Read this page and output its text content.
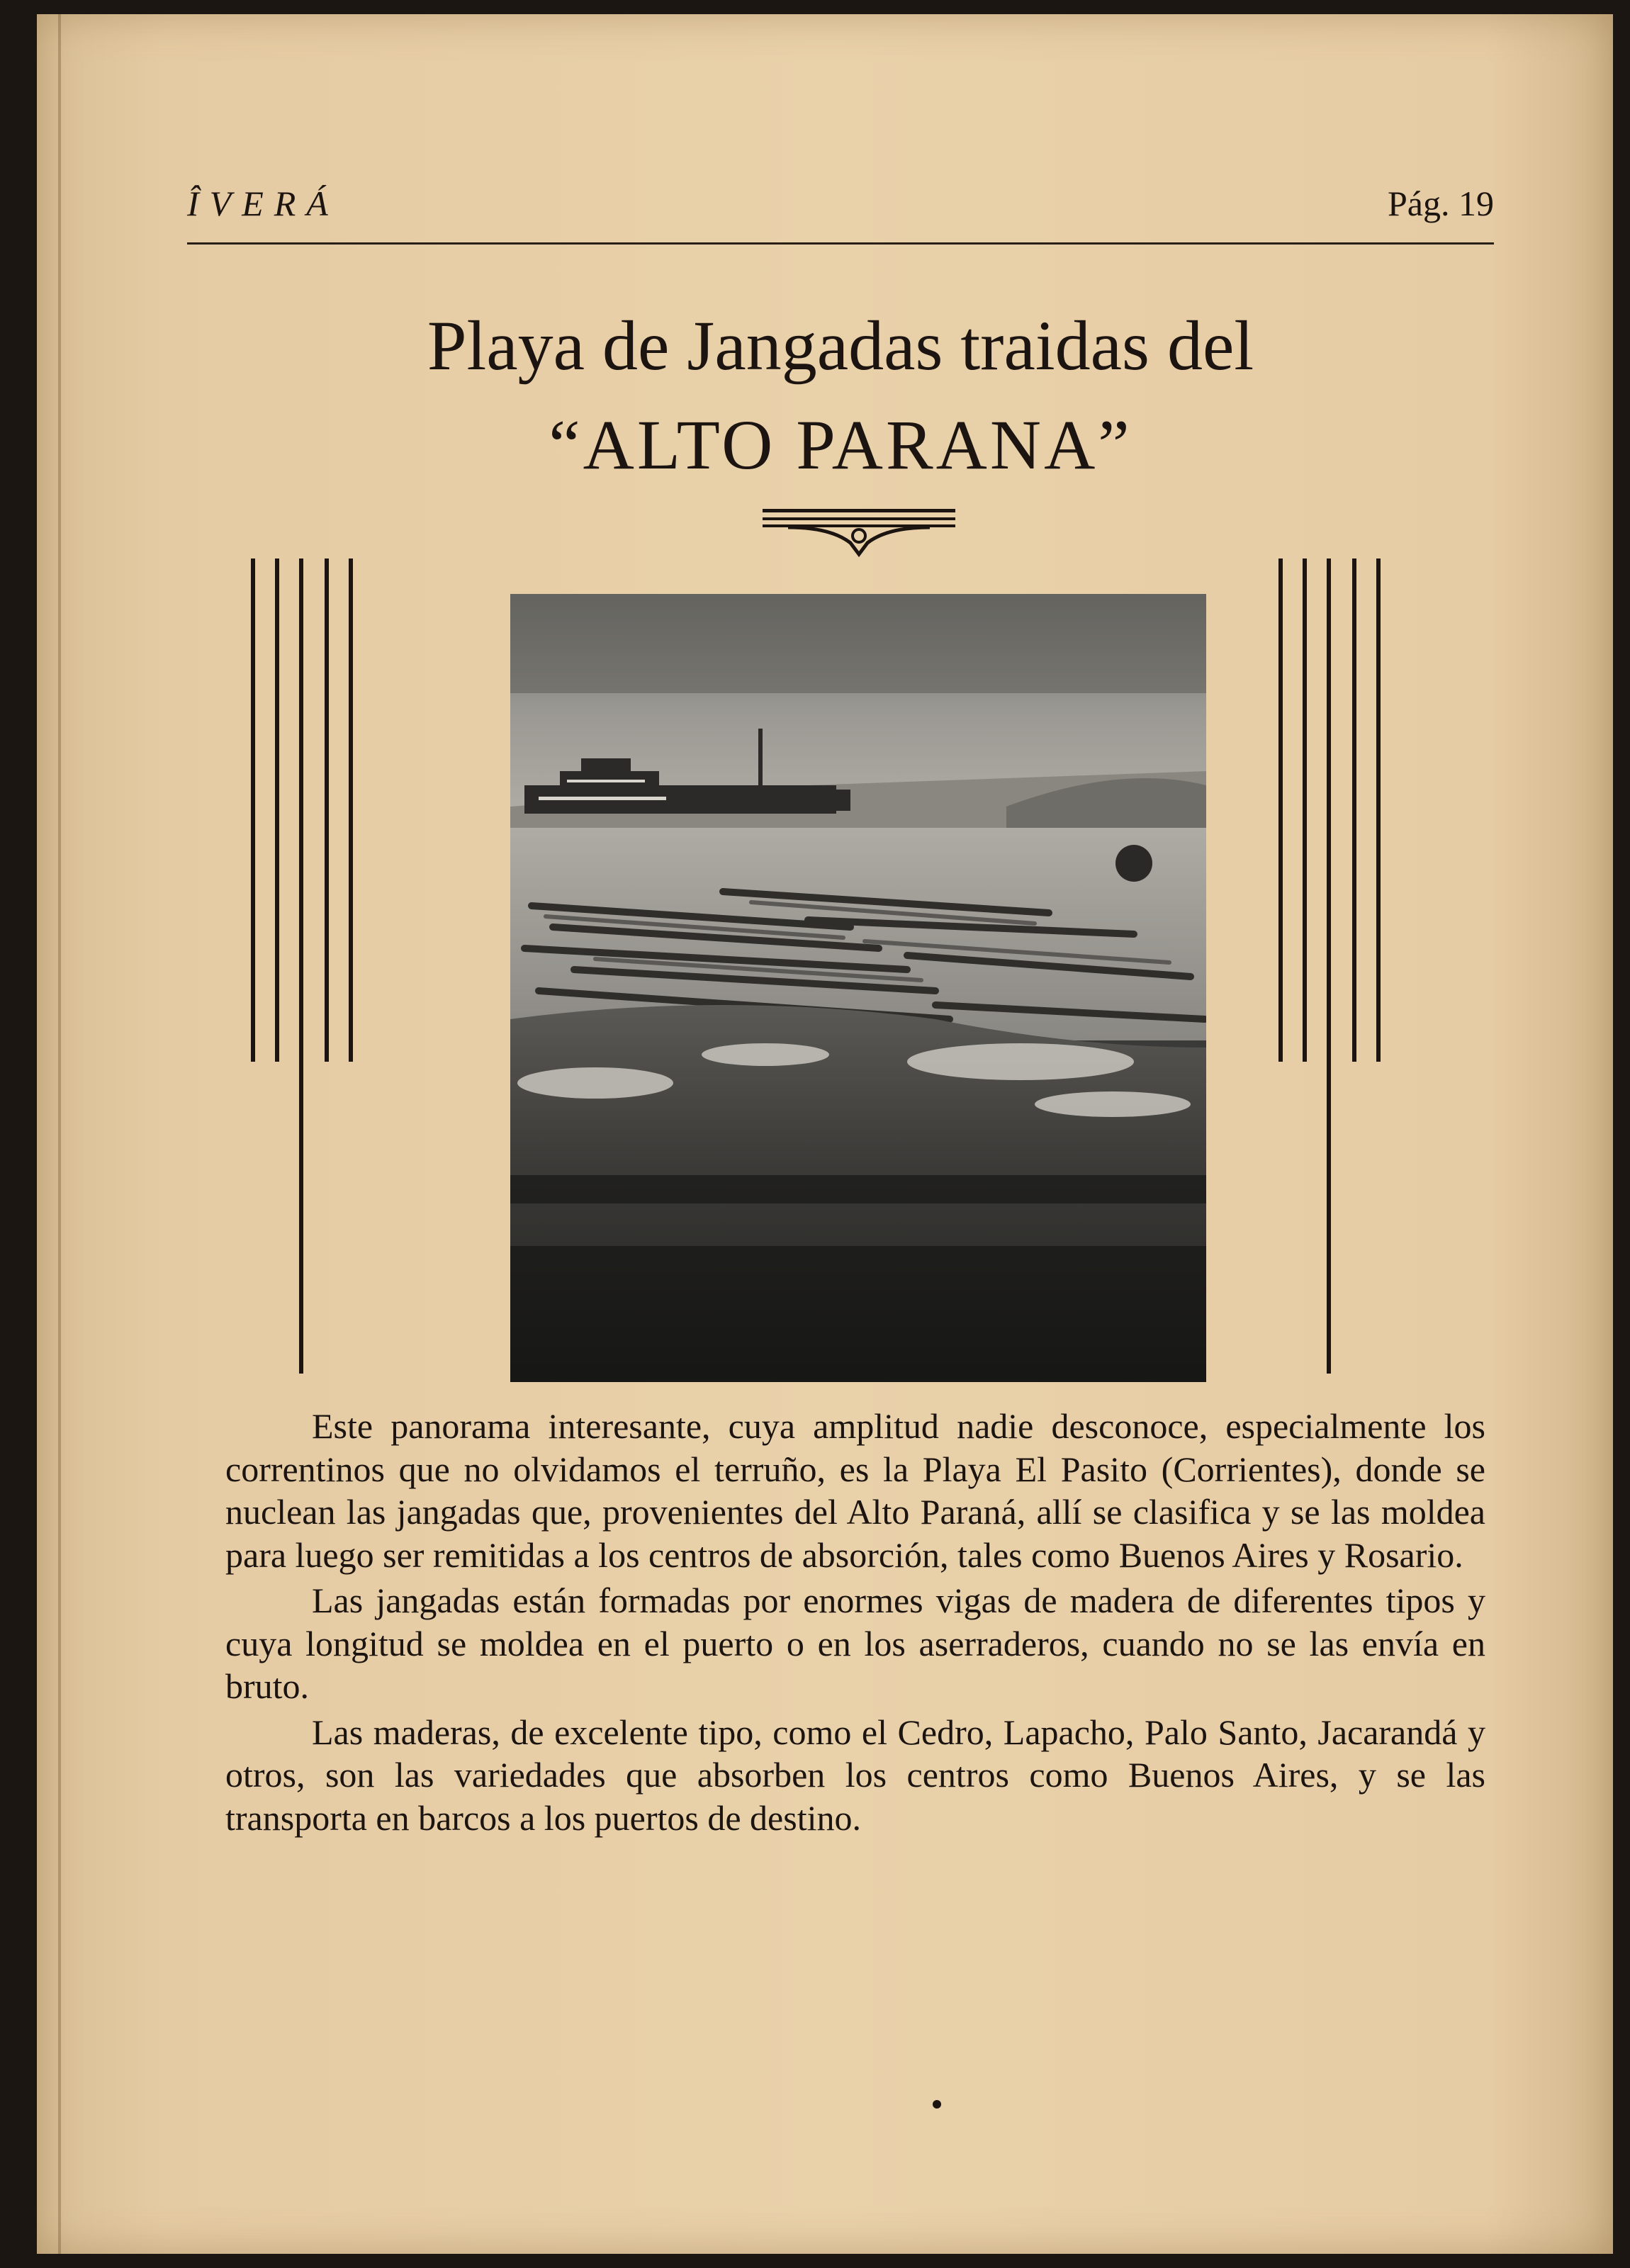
ÎVERÁ	Pág. 19
Playa de Jangadas traidas del
“ALTO PARANA”

Este panorama interesante, cuya amplitud nadie desconoce, especialmente los correntinos que no olvidamos el terruño, es la Playa El Pasito (Corrientes), donde se nuclean las jangadas que, provenientes del Alto Paraná, allí se clasifica y se las moldea para luego ser remitidas a los centros de absorción, tales como Buenos Aires y Rosario.

Las jangadas están formadas por enormes vigas de madera de diferentes tipos y cuya longitud se moldea en el puerto o en los aserraderos, cuando no se las envía en bruto.

Las maderas, de excelente tipo, como el Cedro, Lapacho, Palo Santo, Jacarandá y otros, son las variedades que absorben los centros como Buenos Aires, y se las transporta en barcos a los puertos de destino.
